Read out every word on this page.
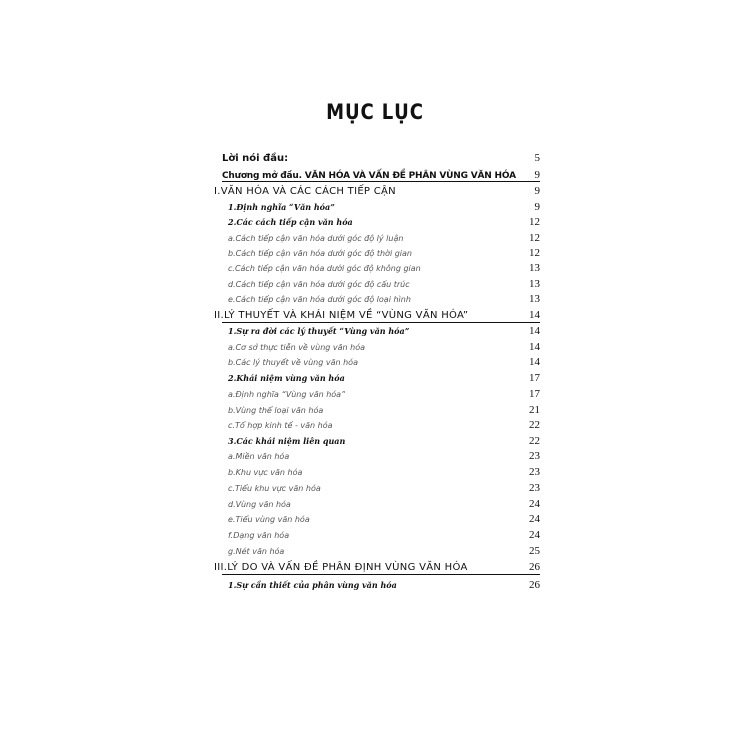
MỤC LỤC
Lời nói đầu:	5
Chương mở đầu. VĂN HÓA VÀ VẤN ĐỀ PHÂN VÙNG VĂN HÓA 9
I.VĂN HÓA VÀ CÁC CÁCH TIẾP CẬN	9
1.Định nghĩa “Văn hóa”	9
2.Các cách tiếp cận văn hóa	12
a.Cách tiếp cận văn hóa dưới góc độ lý luận	12
b.Cách tiếp cận văn hóa dưới góc độ thời gian	12
c.Cách tiếp cận văn hóa dưới góc độ không gian	13
d.Cách tiếp cận văn hóa dưới góc độ cấu trúc	13
e.Cách tiếp cận văn hóa dưới góc độ loại hình	13
II.LÝ THUYẾT VÀ KHÁI NIỆM VỀ “VÙNG VĂN HÓA”	14
1.Sự ra đời các lý thuyết “Vùng văn hóa”	14
a.Cơ sở thực tiễn về vùng văn hóa	14
b.Các lý thuyết về vùng văn hóa	14
2.Khái niệm vùng văn hóa	17
a.Định nghĩa “Vùng văn hóa”	17
b.Vùng thể loại văn hóa	21
c.Tổ hợp kinh tế - văn hóa	22
3.Các khái niệm liên quan	22
a.Miền văn hóa	23
b.Khu vực văn hóa	23
c.Tiểu khu vực văn hóa	23
d.Vùng văn hóa	24
e.Tiểu vùng văn hóa	24
f.Dạng văn hóa	24
g.Nét văn hóa	25
III.LÝ DO VÀ VẤN ĐỀ PHÂN ĐỊNH VÙNG VĂN HÓA	26
1.Sự cần thiết của phân vùng văn hóa	26
